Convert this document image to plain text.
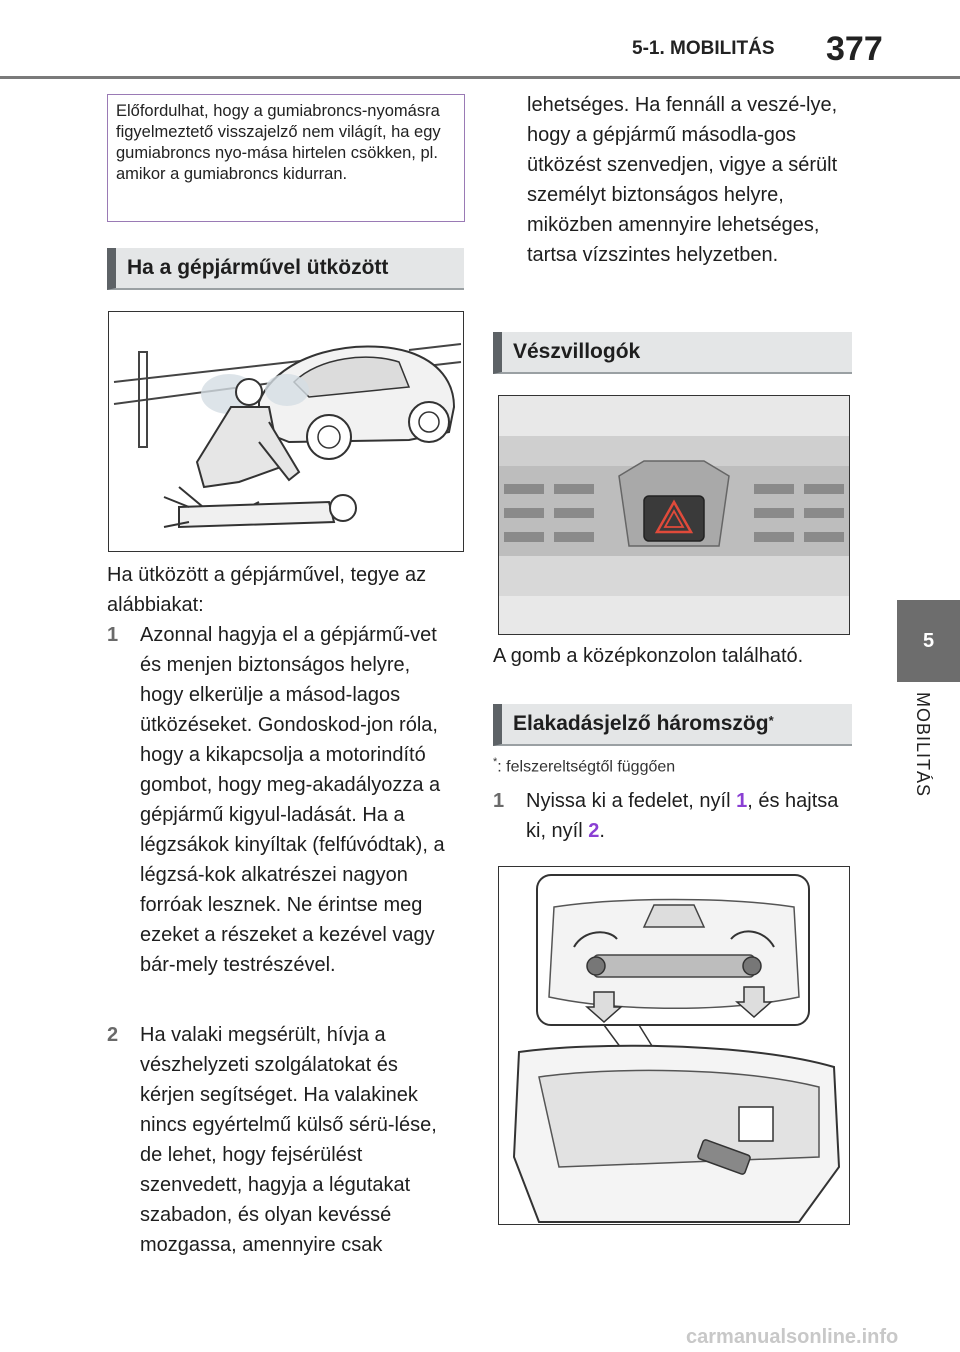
5-1. MOBILITÁS 377
5
MOBILITÁS
Előfordulhat, hogy a gumiabroncs-nyomásra figyelmeztető visszajelző nem világít, ha egy gumiabroncs nyo-mása hirtelen csökken, pl. amikor a gumiabroncs kidurran.
Ha a gépjárművel ütközött
Ha ütközött a gépjárművel, tegye az alábbiakat:
1 Azonnal hagyja el a gépjármű-vet és menjen biztonságos helyre, hogy elkerülje a másod-lagos ütközéseket. Gondoskod-jon róla, hogy a kikapcsolja a motorindító gombot, hogy meg-akadályozza a gépjármű kigyul-ladását. Ha a légzsákok kinyíltak (felfúvódtak), a légzsá-kok alkatrészei nagyon forróak lesznek. Ne érintse meg ezeket a részeket a kezével vagy bár-mely testrészével.
2 Ha valaki megsérült, hívja a vészhelyzeti szolgálatokat és kérjen segítséget. Ha valakinek nincs egyértelmű külső sérü-lése, de lehet, hogy fejsérülést szenvedett, hagyja a légutakat szabadon, és olyan kevéssé mozgassa, amennyire csak
lehetséges. Ha fennáll a veszé-lye, hogy a gépjármű másodla-gos ütközést szenvedjen, vigye a sérült személyt biztonságos helyre, miközben amennyire lehetséges, tartsa vízszintes helyzetben.
Vészvillogók
A gomb a középkonzolon található.
Elakadásjelző háromszög*
*: felszereltségtől függően
1 Nyissa ki a fedelet, nyíl 1, és hajtsa ki, nyíl 2.
carmanualsonline.info
